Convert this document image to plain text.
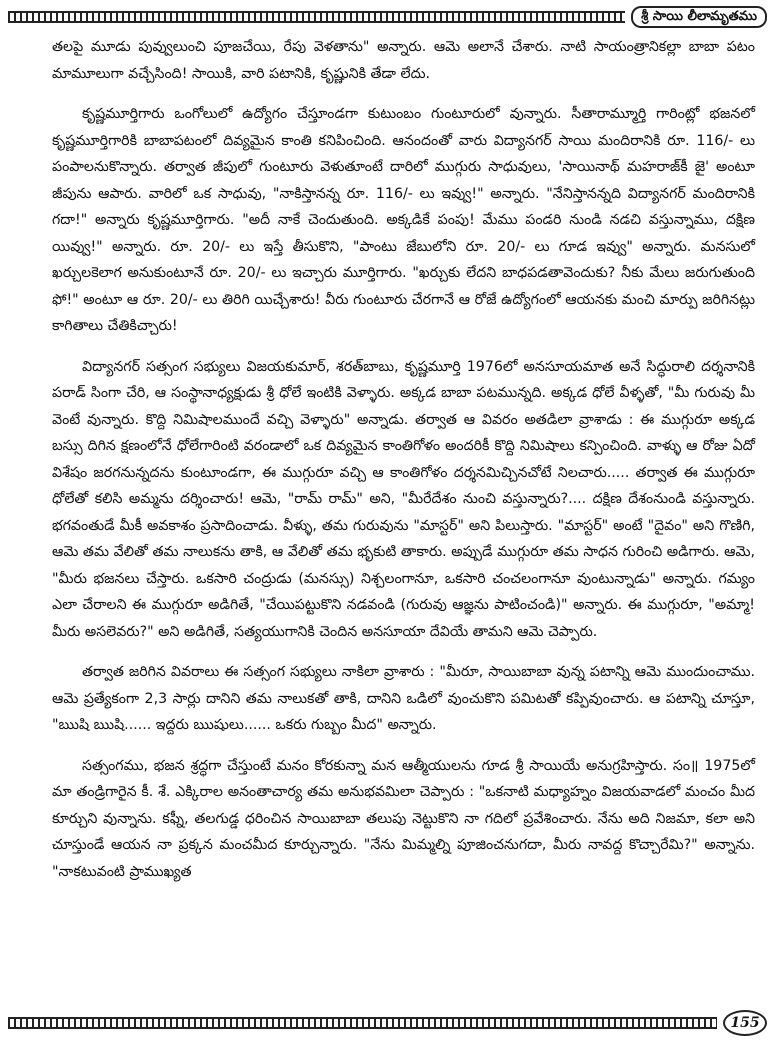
శ్రీ సాయి లీలామృతము

తలపై మూడు పువ్వులుంచి పూజచేయి, రేపు వెళతాను" అన్నారు. ఆమె అలానే చేశారు. నాటి సాయంత్రానికల్లా బాబా పటం మామూలుగా వచ్చేసింది! సాయికి, వారి పటానికి, కృష్ణునికి తేడా లేదు.

కృష్ణమూర్తిగారు ఒంగోలులో ఉద్యోగం చేస్తూండగా కుటుంబం గుంటూరులో వున్నారు. సీతారామ్మూర్తి గారింట్లో భజనలో కృష్ణమూర్తిగారికి బాబాపటంలో దివ్యమైన కాంతి కనిపించింది. ఆనందంతో వారు విద్యానగర్ సాయి మందిరానికి రూ. 116/- లు పంపాలనుకొన్నారు. తర్వాత జీపులో గుంటూరు వెళుతూంటే దారిలో ముగ్గురు సాధువులు, 'సాయినాథ్ మహరాజ్‌కీ జై' అంటూ జీపును ఆపారు. వారిలో ఒక సాధువు, "నాకిస్తానన్న రూ. 116/- లు ఇవ్వు!" అన్నారు. "నేనిస్తానన్నది విద్యానగర్ మందిరానికి గదా!" అన్నారు కృష్ణమూర్తిగారు. "అదీ నాకే చెందుతుంది. అక్కడికే పంపు! మేము పండరి నుండి నడచి వస్తున్నాము, దక్షిణ యివ్వు!" అన్నారు. రూ. 20/- లు ఇస్తే తీసుకొని, "పాంటు జేబులోని రూ. 20/- లు గూడ ఇవ్వు" అన్నారు. మనసులో ఖర్చులకెలాగ అనుకుంటూనే రూ. 20/- లు ఇచ్చారు మూర్తిగారు. "ఖర్చుకు లేదని బాధపడతావెందుకు? నీకు మేలు జరుగుతుంది ఫో!" అంటూ ఆ రూ. 20/- లు తిరిగి యిచ్చేశారు! వీరు గుంటూరు చేరగానే ఆ రోజే ఉద్యోగంలో ఆయనకు మంచి మార్పు జరిగినట్లు కాగితాలు చేతికిచ్చారు!

విద్యానగర్ సత్సంగ సభ్యులు విజయకుమార్, శరత్‌బాబు, కృష్ణమూర్తి 1976లో అనసూయమాత అనే సిద్ధురాలి దర్శనానికి పరాడ్ సింగా చేరి, ఆ సంస్థానాధ్యక్షుడు శ్రీ ధోలే ఇంటికి వెళ్ళారు. అక్కడ బాబా పటమున్నది. అక్కడ ధోలే వీళ్ళతో, "మీ గురువు మీ వెంటే వున్నారు. కొద్ది నిమిషాలముందే వచ్చి వెళ్ళారు" అన్నాడు. తర్వాత ఆ వివరం అతడిలా వ్రాశాడు : ఈ ముగ్గురూ అక్కడ బస్సు దిగిన క్షణంలోనే ధోలేగారింటి వరండాలో ఒక దివ్యమైన కాంతిగోళం అందరికీ కొద్ది నిమిషాలు కన్పించింది. వాళ్ళు ఆ రోజు ఏదో విశేషం జరగనున్నదను కుంటూండగా, ఈ ముగ్గురూ వచ్చి ఆ కాంతిగోళం దర్శనమిచ్చినచోటే నిలచారు..... తర్వాత ఈ ముగ్గురూ ధోలేతో కలిసి అమ్మను దర్శించారు! ఆమె, "రామ్ రామ్" అని, "మీరేదేశం నుంచి వస్తున్నారు?.... దక్షిణ దేశంనుండి వస్తున్నారు. భగవంతుడే మీకీ అవకాశం ప్రసాదించాడు. వీళ్ళు, తమ గురువును "మాస్టర్" అని పిలుస్తారు. "మాస్టర్" అంటే "దైవం" అని గొణిగి, ఆమె తమ వేలితో తమ నాలుకను తాకి, ఆ వేలితో తమ భృకుటి తాకారు. అప్పుడే ముగ్గురూ తమ సాధన గురించి అడిగారు. ఆమె, "మీరు భజనలు చేస్తారు. ఒకసారి చంద్రుడు (మనస్సు) నిశ్చలంగానూ, ఒకసారి చంచలంగానూ వుంటున్నాడు" అన్నారు. గమ్యం ఎలా చేరాలని ఈ ముగ్గురూ అడిగితే, "చేయిపట్టుకొని నడవండి (గురువు ఆజ్ఞను పాటించండి)" అన్నారు. ఈ ముగ్గురూ, "అమ్మా! మీరు అసలెవరు?" అని అడిగితే, సత్యయుగానికి చెందిన అనసూయా దేవియే తామని ఆమె చెప్పారు.

తర్వాత జరిగిన వివరాలు ఈ సత్సంగ సభ్యులు నాకిలా వ్రాశారు : "మీరూ, సాయిబాబా వున్న పటాన్ని ఆమె ముందుంచాము. ఆమె ప్రత్యేకంగా 2,3 సార్లు దానిని తమ నాలుకతో తాకి, దానిని ఒడిలో వుంచుకొని పమిటతో కప్పివుంచారు. ఆ పటాన్ని చూస్తూ, "ఋషి ఋషి...... ఇద్దరు ఋషులు...... ఒకరు గుబ్బం మీద" అన్నారు.

సత్సంగము, భజన శ్రద్ధగా చేస్తుంటే మనం కోరకున్నా మన ఆత్మీయులను గూడ శ్రీ సాయియే అనుగ్రహిస్తారు. సం॥ 1975లో మా తండ్రిగారైన కీ. శే. ఎక్కిరాల అనంతాచార్య తమ అనుభవమిలా చెప్పారు : "ఒకనాటి మధ్యాహ్నం విజయవాడలో మంచం మీద కూర్చుని వున్నాను. కఫ్నీ, తలగుడ్డ ధరించిన సాయిబాబా తలుపు నెట్టుకొని నా గదిలో ప్రవేశించారు. నేను అది నిజమా, కలా అని చూస్తుండే ఆయన నా ప్రక్కన మంచమీద కూర్చున్నారు. "నేను మిమ్మల్ని పూజించనుగదా, మీరు నావద్ద కొచ్చారేమి?" అన్నాను. "నాకటువంటి ప్రాముఖ్యత

155
